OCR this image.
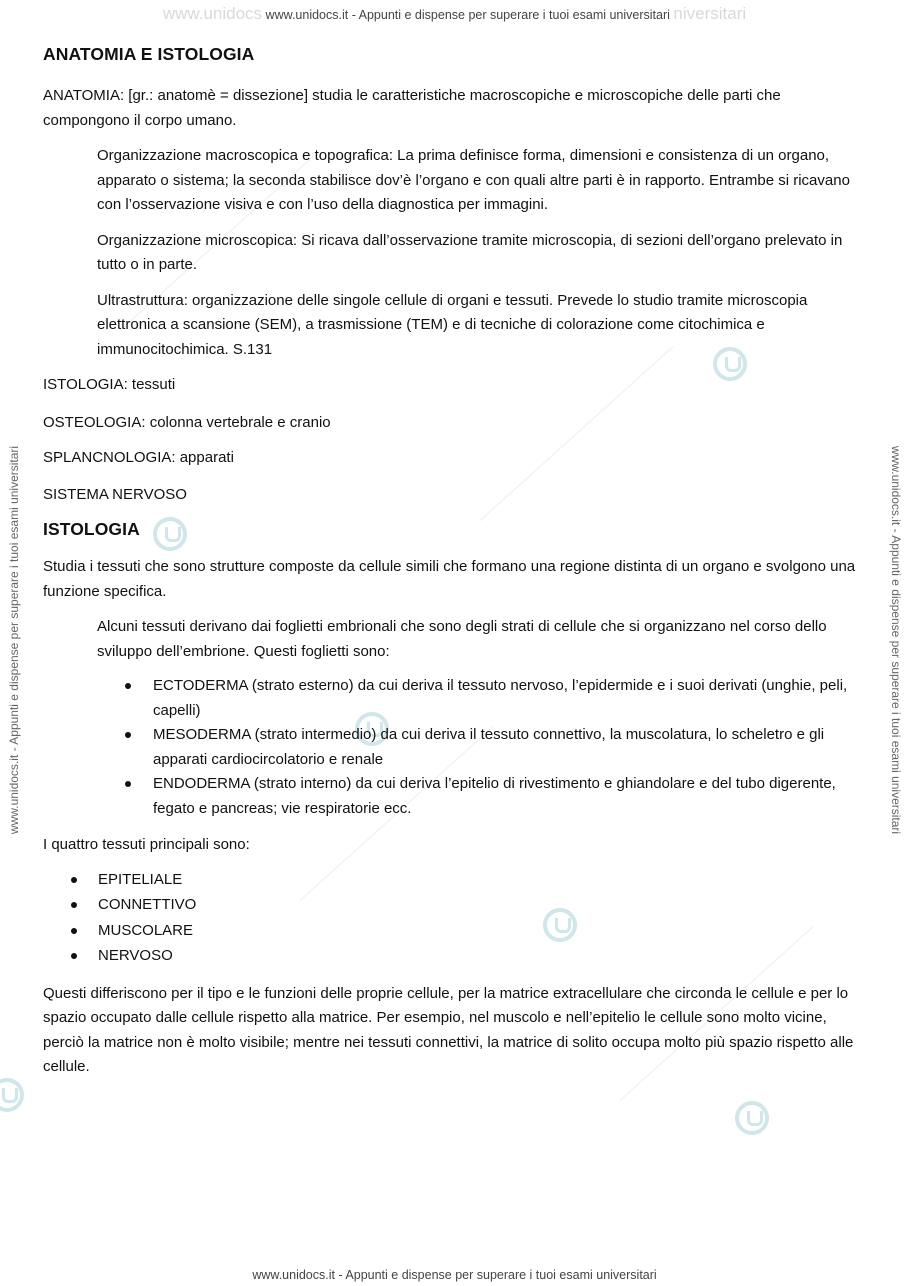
www.unidocs www.unidocs.it - Appunti e dispense per superare i tuoi esami universitari niversitari
www.unidocs.it - Appunti e dispense per superare i tuoi esami universitari
www.unidocs.it - Appunti e dispense per superare i tuoi esami universitari	www.unidocs.it - Appunti e dispense per superare i tuoi esami universitari
ANATOMIA E ISTOLOGIA

ANATOMIA: [gr.: anatomè = dissezione] studia le caratteristiche macroscopiche e microscopiche delle parti che compongono il corpo umano.

Organizzazione macroscopica e topografica: La prima definisce forma, dimensioni e consistenza di un organo, apparato o sistema; la seconda stabilisce dov’è l’organo e con quali altre parti è in rapporto. Entrambe si ricavano con l’osservazione visiva e con l’uso della diagnostica per immagini.

Organizzazione microscopica: Si ricava dall’osservazione tramite microscopia, di sezioni dell’organo prelevato in tutto o in parte.

Ultrastruttura: organizzazione delle singole cellule di organi e tessuti. Prevede lo studio tramite microscopia elettronica a scansione (SEM), a trasmissione (TEM) e di tecniche di colorazione come citochimica e immunocitochimica. S.131

ISTOLOGIA: tessuti

OSTEOLOGIA: colonna vertebrale e cranio

SPLANCNOLOGIA: apparati

SISTEMA NERVOSO

ISTOLOGIA

Studia i tessuti che sono strutture composte da cellule simili che formano una regione distinta di un organo e svolgono una funzione specifica.

Alcuni tessuti derivano dai foglietti embrionali che sono degli strati di cellule che si organizzano nel corso dello sviluppo dell’embrione. Questi foglietti sono:

ECTODERMA (strato esterno) da cui deriva il tessuto nervoso, l’epidermide e i suoi derivati (unghie, peli, capelli)
MESODERMA (strato intermedio) da cui deriva il tessuto connettivo, la muscolatura, lo scheletro e gli apparati cardiocircolatorio e renale
ENDODERMA (strato interno) da cui deriva l’epitelio di rivestimento e ghiandolare e del tubo digerente, fegato e pancreas; vie respiratorie ecc.

I quattro tessuti principali sono:

EPITELIALE
CONNETTIVO
MUSCOLARE
NERVOSO

Questi differiscono per il tipo e le funzioni delle proprie cellule, per la matrice extracellulare che circonda le cellule e per lo spazio occupato dalle cellule rispetto alla matrice. Per esempio, nel muscolo e nell’epitelio le cellule sono molto vicine, perciò la matrice non è molto visibile; mentre nei tessuti connettivi, la matrice di solito occupa molto più spazio rispetto alle cellule.
